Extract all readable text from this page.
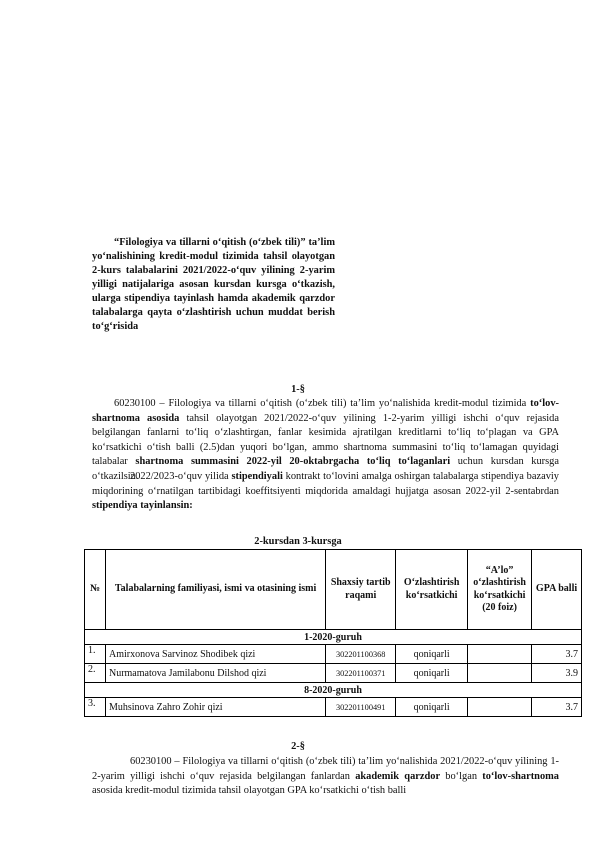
“Filologiya va tillarni o‘qitish (o‘zbek tili)” ta’lim yo‘nalishining kredit-modul tizimida tahsil olayotgan 2-kurs talabalarini 2021/2022-o‘quv yilining 2-yarim yilligi natijalariga asosan kursdan kursga o‘tkazish, ularga stipendiya tayinlash hamda akademik qarzdor talabalarga qayta o‘zlashtirish uchun muddat berish to‘g‘risida
1-§
60230100 – Filologiya va tillarni o‘qitish (o‘zbek tili) ta’lim yo‘nalishida kredit-modul tizimida to‘lov-shartnoma asosida tahsil olayotgan 2021/2022-o‘quv yilining 1-2-yarim yilligi ishchi o‘quv rejasida belgilangan fanlarni to‘liq o‘zlashtirgan, fanlar kesimida ajratilgan kreditlarni to‘liq to‘plagan va GPA ko‘rsatkichi o‘tish balli (2.5)dan yuqori bo‘lgan, ammo shartnoma summasini to‘liq to‘lamagan quyidagi talabalar shartnoma summasini 2022-yil 20-oktabrgacha to‘liq to‘laganlari uchun kursdan kursga o‘tkazilsin.
2022/2023-o‘quv yilida stipendiyali kontrakt to‘lovini amalga oshirgan talabalarga stipendiya bazaviy miqdorining o‘rnatilgan tartibidagi koeffitsiyenti miqdorida amaldagi hujjatga asosan 2022-yil 2-sentabrdan stipendiya tayinlansin:
2-kursdan 3-kursga
№	Talabalarning familiyasi, ismi va otasining ismi	Shaxsiy tartib raqami	O‘zlashtirish ko‘rsatkichi	“A’lo” o‘zlashtirish ko‘rsatkichi (20 foiz)	GPA balli
1-2020-guruh					
1.	Amirxonova Sarvinoz Shodibek qizi	302201100368	qoniqarli		3.7
2.	Nurmamatova Jamilabonu Dilshod qizi	302201100371	qoniqarli		3.9
8-2020-guruh					
3.	Muhsinova Zahro Zohir qizi	302201100491	qoniqarli		3.7
2-§
60230100 – Filologiya va tillarni o‘qitish (o‘zbek tili) ta’lim yo‘nalishida 2021/2022-o‘quv yilining 1-2-yarim yilligi ishchi o‘quv rejasida belgilangan fanlardan akademik qarzdor bo‘lgan to‘lov-shartnoma asosida kredit-modul tizimida tahsil olayotgan GPA ko‘rsatkichi o‘tish balli
